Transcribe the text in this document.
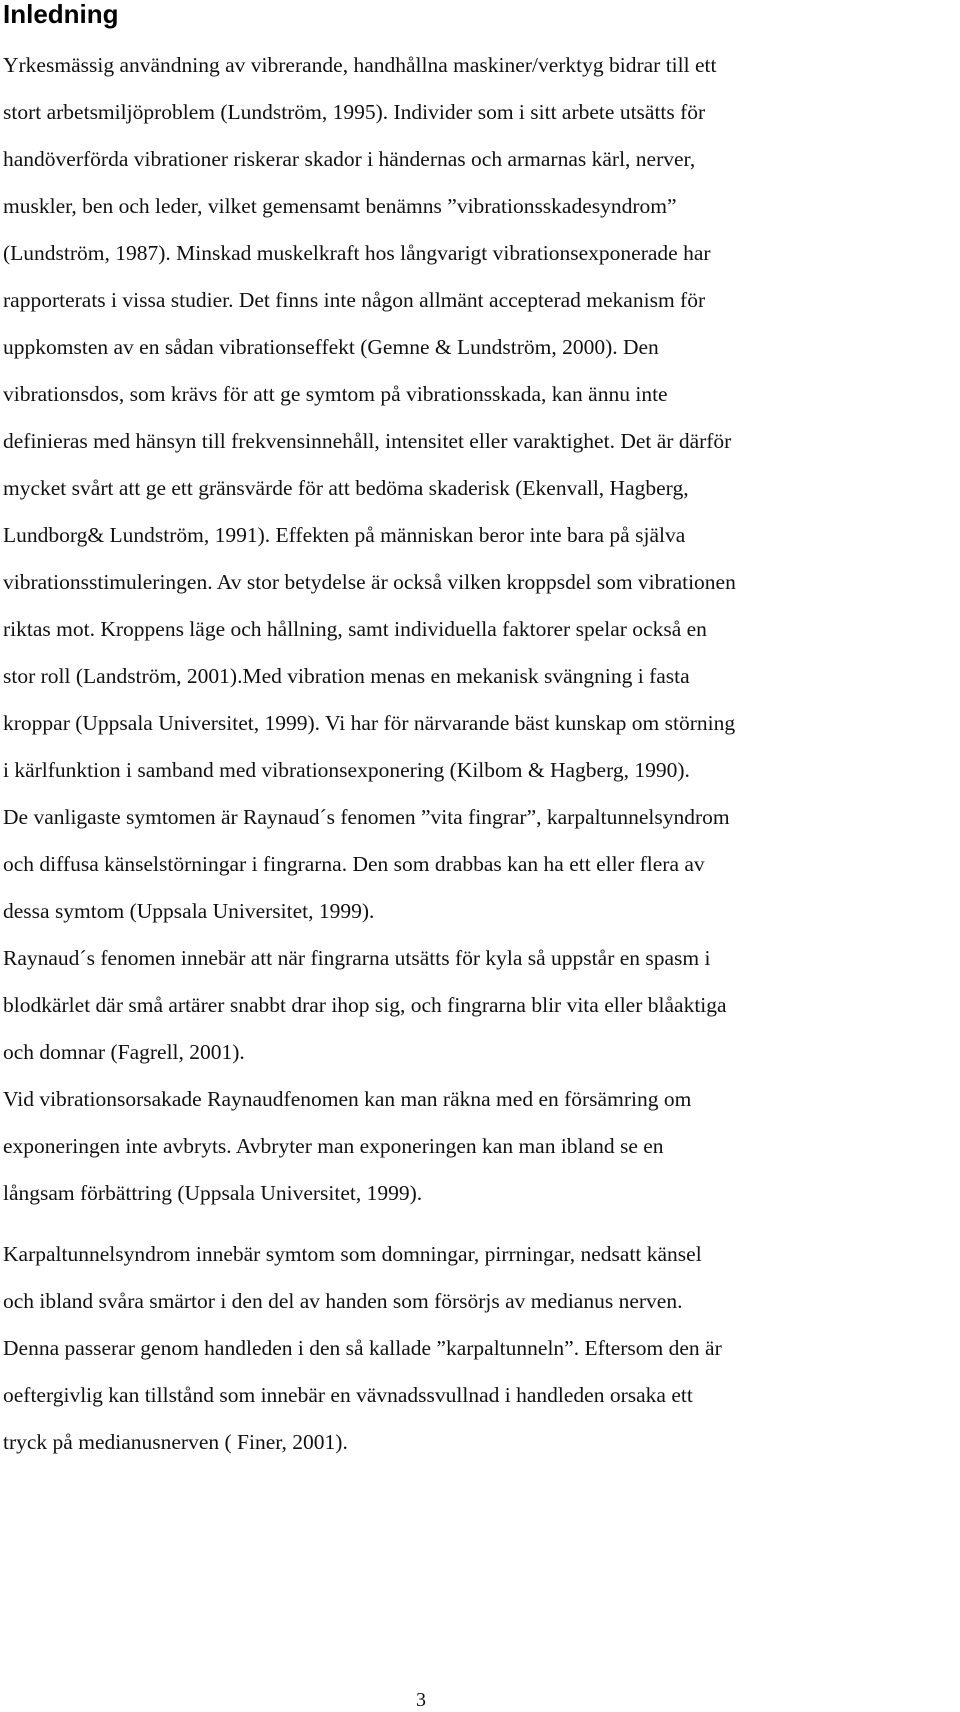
Inledning
Yrkesmässig användning av vibrerande, handhållna maskiner/verktyg bidrar till ett
stort arbetsmiljöproblem (Lundström, 1995). Individer som i sitt arbete utsätts för
handöverförda vibrationer riskerar skador i händernas och armarnas kärl, nerver,
muskler, ben och leder, vilket gemensamt benämns ”vibrationsskadesyndrom”
(Lundström, 1987). Minskad muskelkraft hos långvarigt vibrationsexponerade har
rapporterats i vissa studier. Det finns inte någon allmänt accepterad mekanism för
uppkomsten av en sådan vibrationseffekt (Gemne & Lundström, 2000). Den
vibrationsdos, som krävs för att ge symtom på vibrationsskada, kan ännu inte
definieras med hänsyn till frekvensinnehåll, intensitet eller varaktighet. Det är därför
mycket svårt att ge ett gränsvärde för att bedöma skaderisk (Ekenvall, Hagberg,
Lundborg& Lundström, 1991). Effekten på människan beror inte bara på själva
vibrationsstimuleringen. Av stor betydelse är också vilken kroppsdel som vibrationen
riktas mot. Kroppens läge och hållning, samt individuella faktorer spelar också en
stor roll (Landström, 2001).Med vibration menas en mekanisk svängning i fasta
kroppar (Uppsala Universitet, 1999). Vi har för närvarande bäst kunskap om störning
i kärlfunktion i samband med vibrationsexponering (Kilbom & Hagberg, 1990).
De vanligaste symtomen är Raynaud´s fenomen ”vita fingrar”, karpaltunnelsyndrom
och diffusa känselstörningar i fingrarna. Den som drabbas kan ha ett eller flera av
dessa symtom (Uppsala Universitet, 1999).
Raynaud´s fenomen innebär att när fingrarna utsätts för kyla så uppstår en spasm i
blodkärlet där små artärer snabbt drar ihop sig, och fingrarna blir vita eller blåaktiga
och domnar (Fagrell, 2001).
Vid vibrationsorsakade Raynaudfenomen kan man räkna med en försämring om
exponeringen inte avbryts. Avbryter man exponeringen kan man ibland se en
långsam förbättring (Uppsala Universitet, 1999).
Karpaltunnelsyndrom innebär symtom som domningar, pirrningar, nedsatt känsel
och ibland svåra smärtor i den del av handen som försörjs av medianus nerven.
Denna passerar genom handleden i den så kallade ”karpaltunneln”. Eftersom den är
oeftergivlig kan tillstånd som innebär en vävnadssvullnad i handleden orsaka ett
tryck på medianusnerven ( Finer, 2001).
3
